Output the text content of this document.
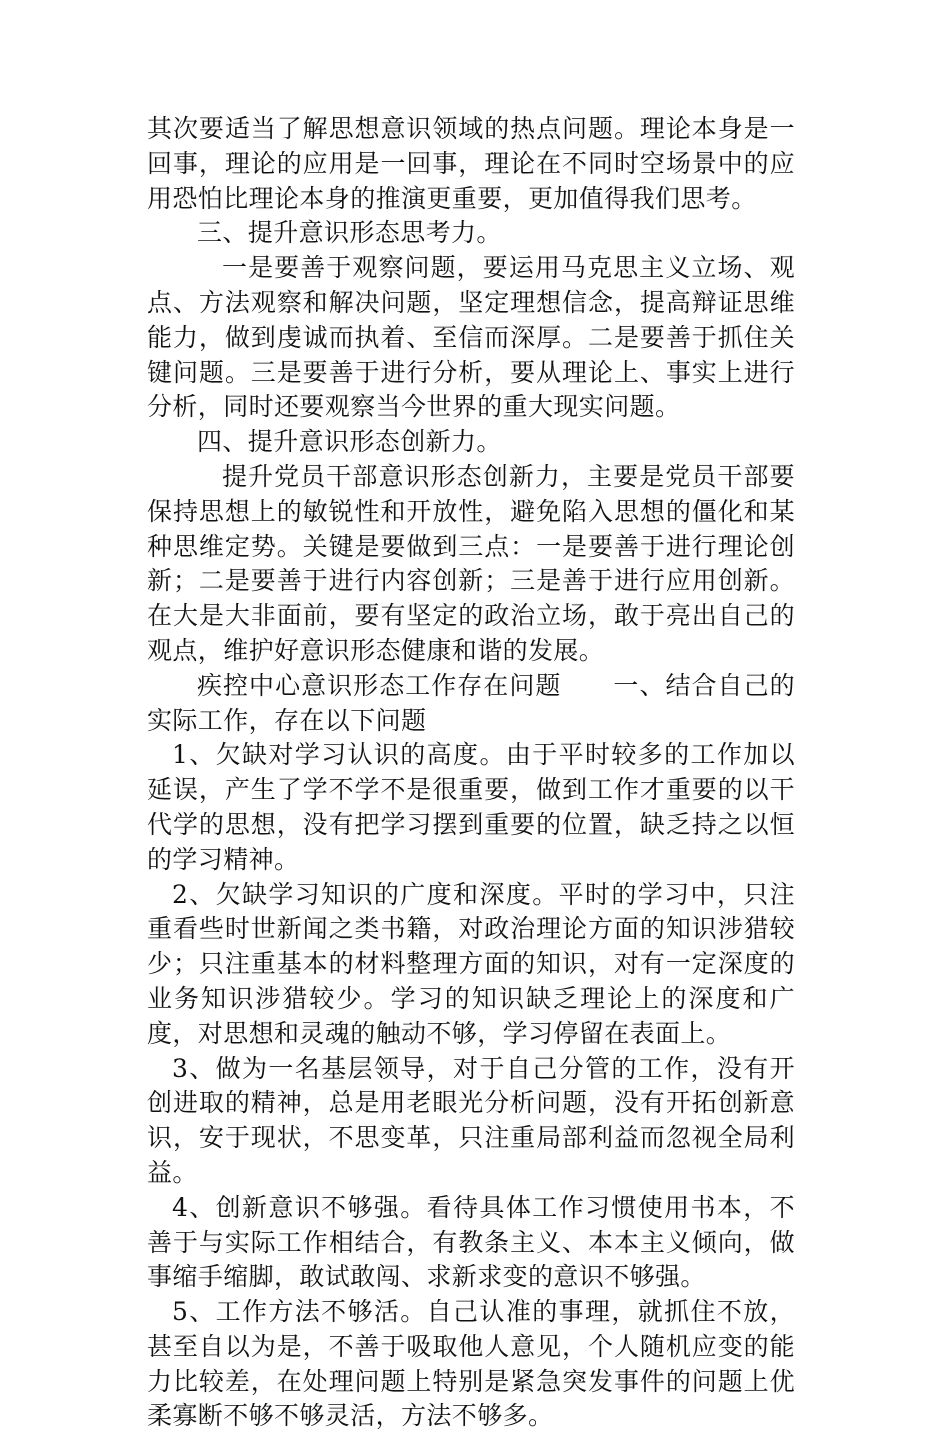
其次要适当了解思想意识领域的热点问题。理论本身是一回事，理论的应用是一回事，理论在不同时空场景中的应用恐怕比理论本身的推演更重要，更加值得我们思考。

三、提升意识形态思考力。

一是要善于观察问题，要运用马克思主义立场、观点、方法观察和解决问题，坚定理想信念，提高辩证思维能力，做到虔诚而执着、至信而深厚。二是要善于抓住关键问题。三是要善于进行分析，要从理论上、事实上进行分析，同时还要观察当今世界的重大现实问题。

四、提升意识形态创新力。

提升党员干部意识形态创新力，主要是党员干部要保持思想上的敏锐性和开放性，避免陷入思想的僵化和某种思维定势。关键是要做到三点：一是要善于进行理论创新；二是要善于进行内容创新；三是善于进行应用创新。在大是大非面前，要有坚定的政治立场，敢于亮出自己的观点，维护好意识形态健康和谐的发展。

疾控中心意识形态工作存在问题　　一、结合自己的实际工作，存在以下问题

1、欠缺对学习认识的高度。由于平时较多的工作加以延误，产生了学不学不是很重要，做到工作才重要的以干代学的思想，没有把学习摆到重要的位置，缺乏持之以恒的学习精神。

2、欠缺学习知识的广度和深度。平时的学习中，只注重看些时世新闻之类书籍，对政治理论方面的知识涉猎较少；只注重基本的材料整理方面的知识，对有一定深度的业务知识涉猎较少。学习的知识缺乏理论上的深度和广度，对思想和灵魂的触动不够，学习停留在表面上。

3、做为一名基层领导，对于自己分管的工作，没有开创进取的精神，总是用老眼光分析问题，没有开拓创新意识，安于现状，不思变革，只注重局部利益而忽视全局利益。

4、创新意识不够强。看待具体工作习惯使用书本，不善于与实际工作相结合，有教条主义、本本主义倾向，做事缩手缩脚，敢试敢闯、求新求变的意识不够强。

5、工作方法不够活。自己认准的事理，就抓住不放，甚至自以为是，不善于吸取他人意见，个人随机应变的能力比较差，在处理问题上特别是紧急突发事件的问题上优柔寡断不够不够灵活，方法不够多。
